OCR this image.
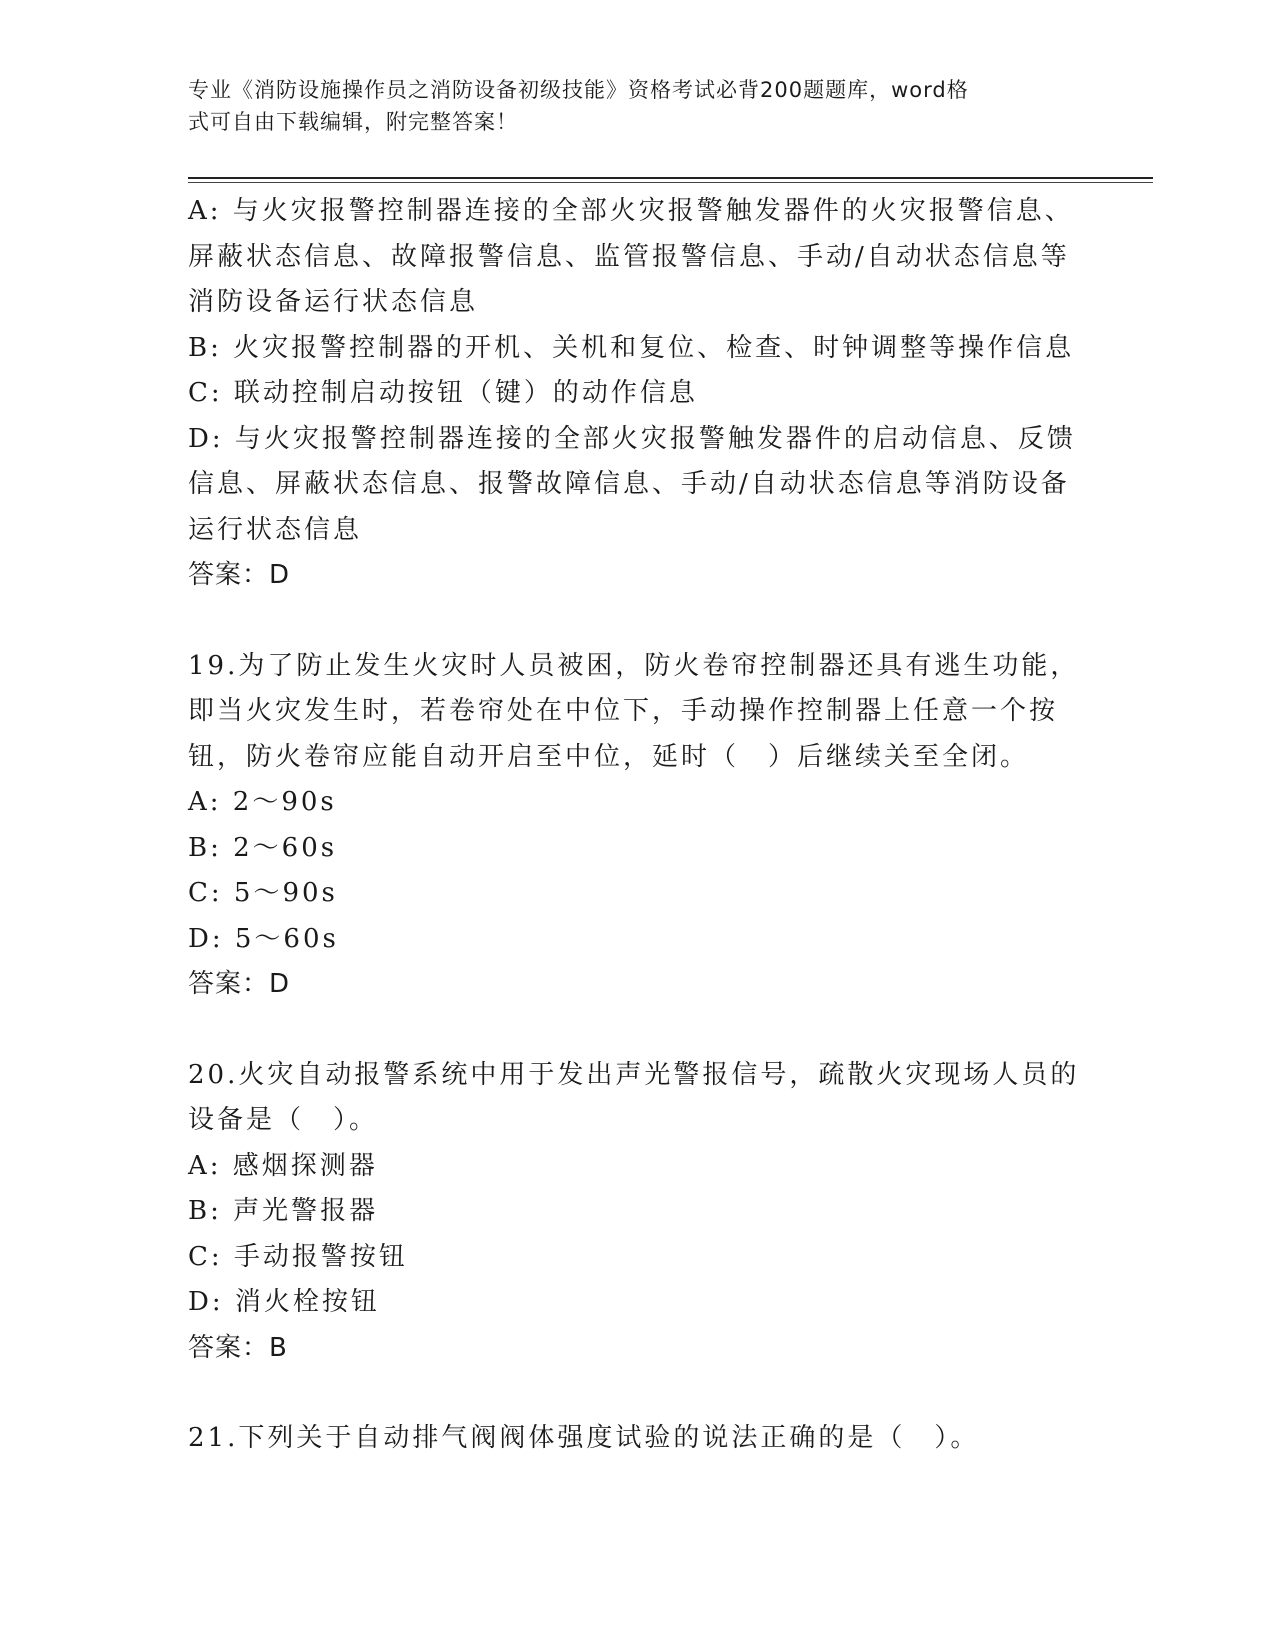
专业《消防设施操作员之消防设备初级技能》资格考试必背200题题库，word格
式可自由下载编辑，附完整答案！
A: 与火灾报警控制器连接的全部火灾报警触发器件的火灾报警信息、
屏蔽状态信息、故障报警信息、监管报警信息、手动/自动状态信息等
消防设备运行状态信息
B: 火灾报警控制器的开机、关机和复位、检查、时钟调整等操作信息
C: 联动控制启动按钮（键）的动作信息
D: 与火灾报警控制器连接的全部火灾报警触发器件的启动信息、反馈
信息、屏蔽状态信息、报警故障信息、手动/自动状态信息等消防设备
运行状态信息
答案：D
19.为了防止发生火灾时人员被困，防火卷帘控制器还具有逃生功能，
即当火灾发生时，若卷帘处在中位下，手动操作控制器上任意一个按
钮，防火卷帘应能自动开启至中位，延时（　）后继续关至全闭。
A: 2～90s
B: 2～60s
C: 5～90s
D: 5～60s
答案：D
20.火灾自动报警系统中用于发出声光警报信号，疏散火灾现场人员的
设备是（　）。
A: 感烟探测器
B: 声光警报器
C: 手动报警按钮
D: 消火栓按钮
答案：B
21.下列关于自动排气阀阀体强度试验的说法正确的是（　）。
